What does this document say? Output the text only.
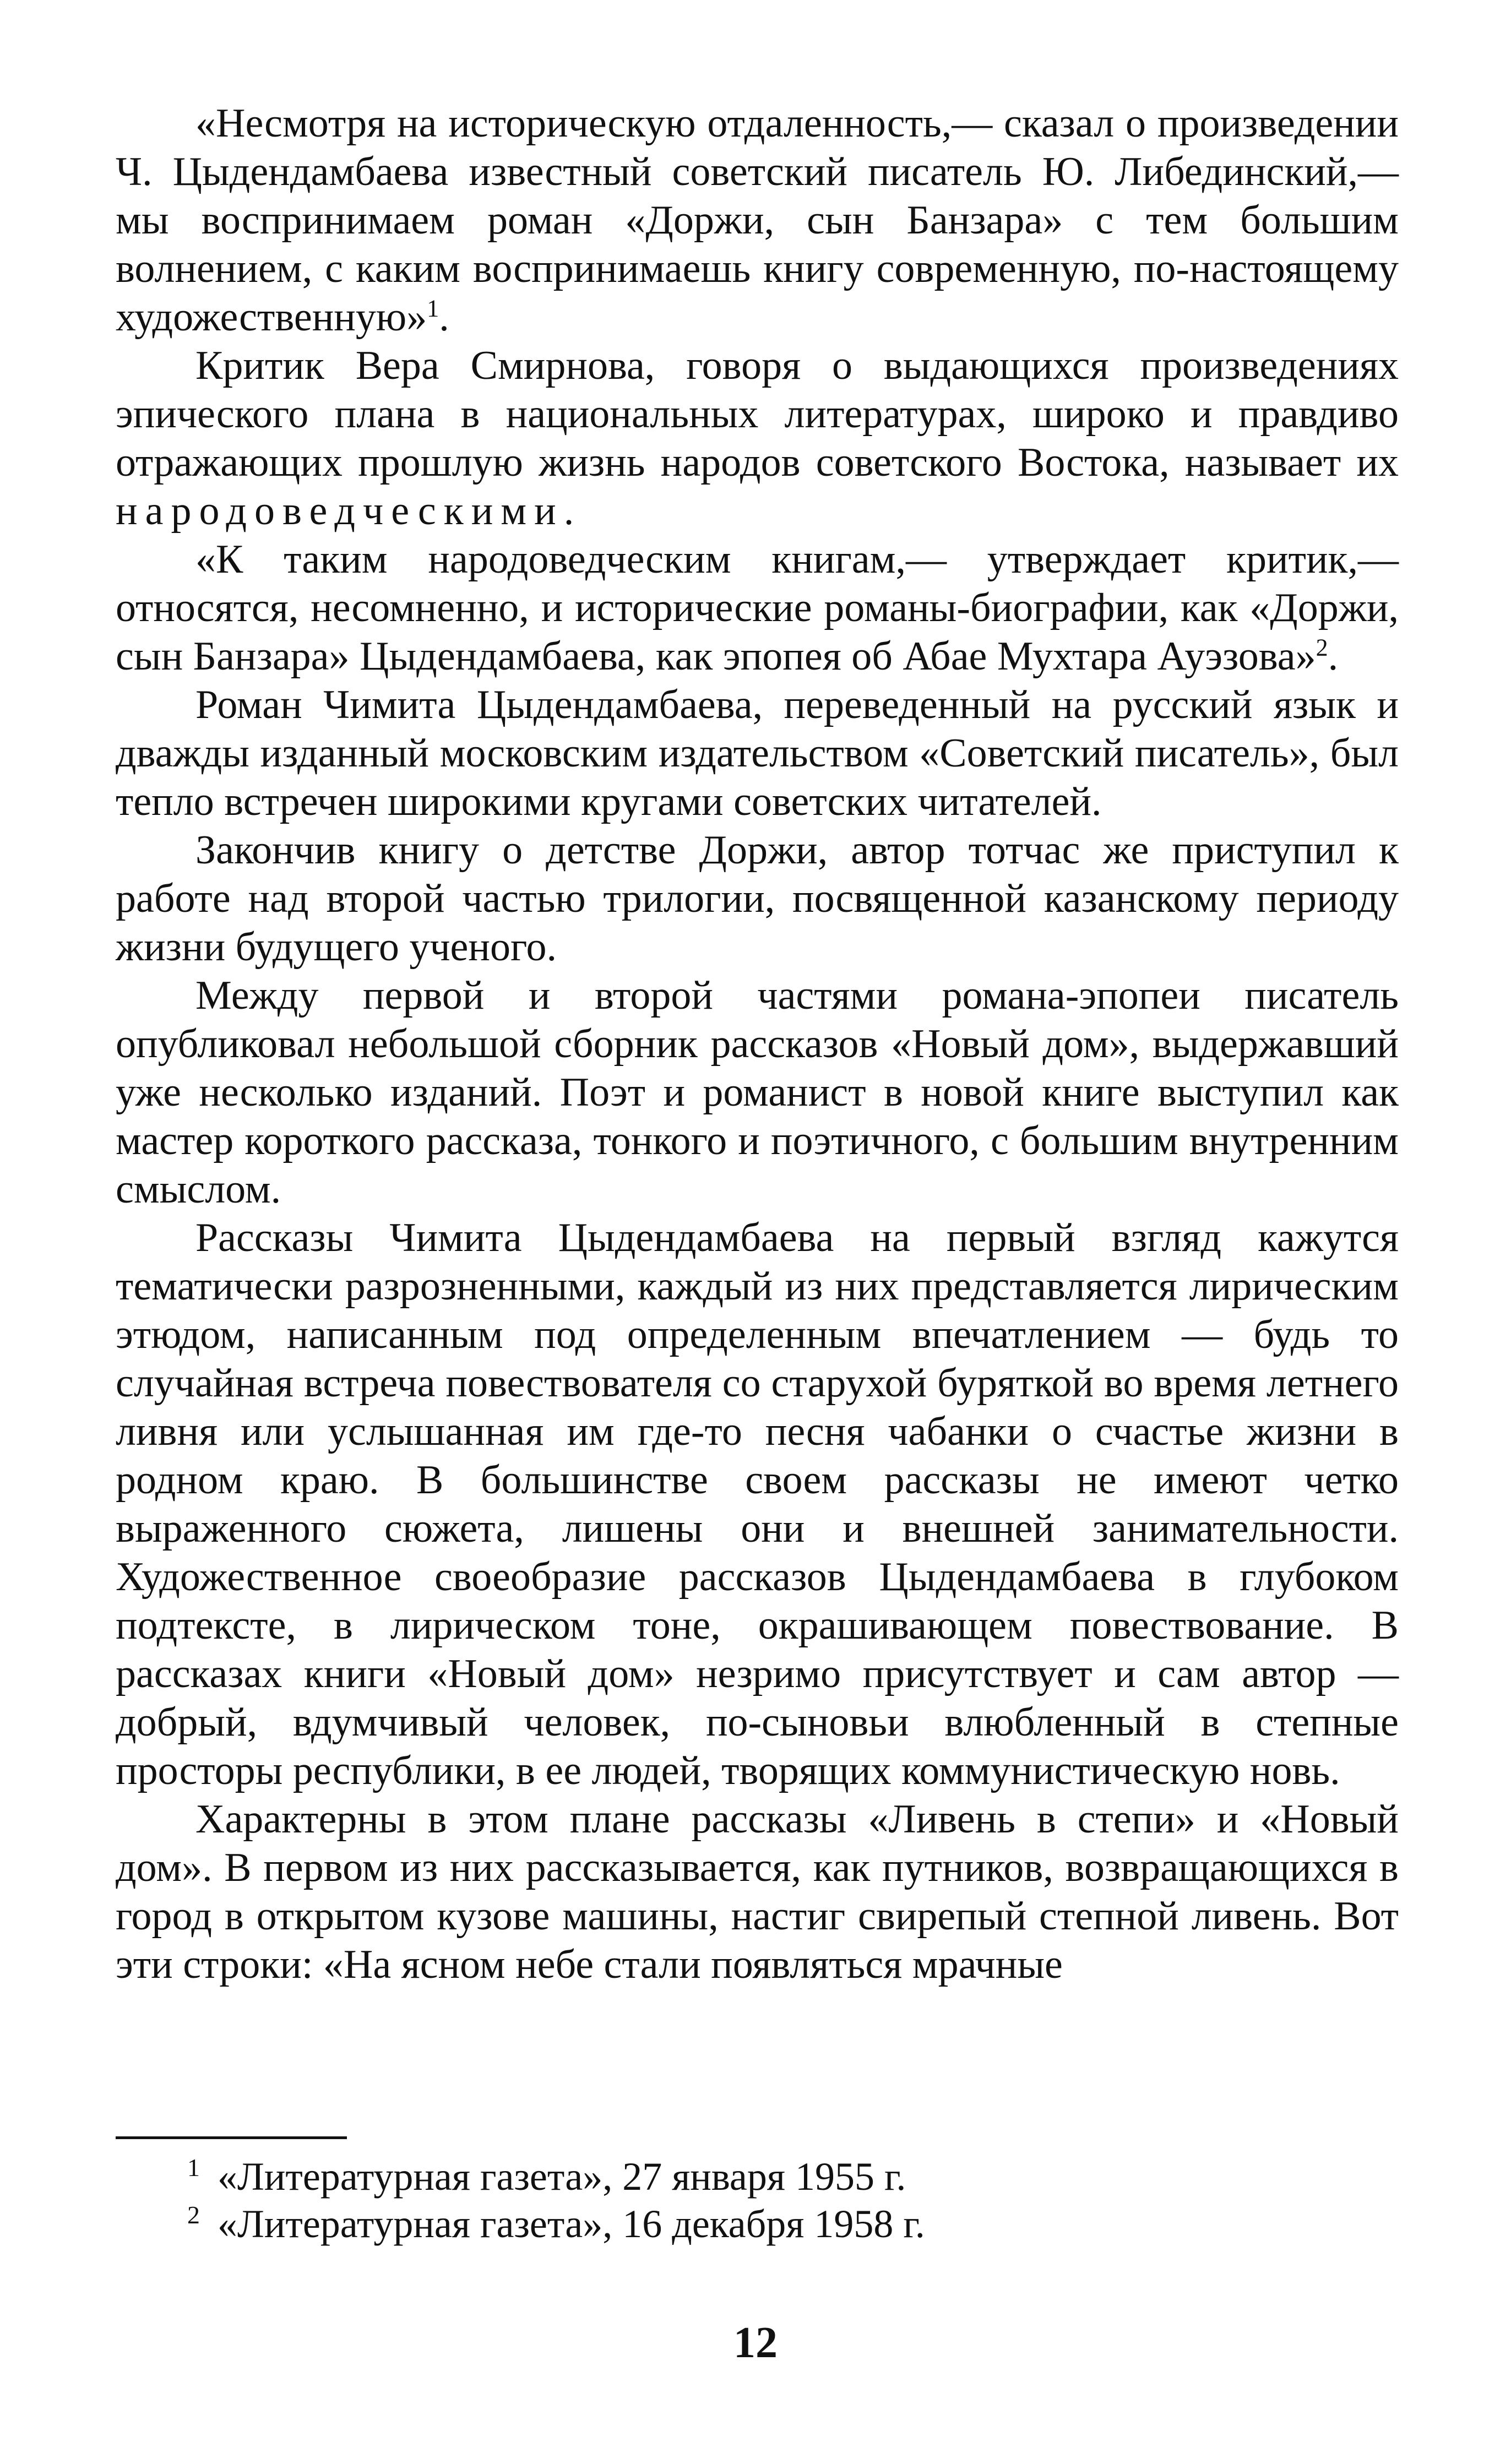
«Несмотря на историческую отдаленность,— сказал о произведении Ч. Цыдендамбаева известный советский писатель Ю. Либединский,— мы воспринимаем роман «Доржи, сын Банзара» с тем большим волнением, с каким воспринимаешь книгу современную, по-настоящему художественную»$^1$.

Критик Вера Смирнова, говоря о выдающихся произведениях эпического плана в национальных литературах, широко и правдиво отражающих прошлую жизнь народов советского Востока, называет их народоведческими.

«К таким народоведческим книгам,— утверждает критик,— относятся, несомненно, и исторические романы-биографии, как «Доржи, сын Банзара» Цыдендамбаева, как эпопея об Абае Мухтара Ауэзова»$^2$.

Роман Чимита Цыдендамбаева, переведенный на русский язык и дважды изданный московским издательством «Советский писатель», был тепло встречен широкими кругами советских читателей.

Закончив книгу о детстве Доржи, автор тотчас же приступил к работе над второй частью трилогии, посвященной казанскому периоду жизни будущего ученого.

Между первой и второй частями романа-эпопеи писатель опубликовал небольшой сборник рассказов «Новый дом», выдержавший уже несколько изданий. Поэт и романист в новой книге выступил как мастер короткого рассказа, тонкого и поэтичного, с большим внутренним смыслом.

Рассказы Чимита Цыдендамбаева на первый взгляд кажутся тематически разрозненными, каждый из них представляется лирическим этюдом, написанным под определенным впечатлением — будь то случайная встреча повествователя со старухой буряткой во время летнего ливня или услышанная им где-то песня чабанки о счастье жизни в родном краю. В большинстве своем рассказы не имеют четко выраженного сюжета, лишены они и внешней занимательности. Художественное своеобразие рассказов Цыдендамбаева в глубоком подтексте, в лирическом тоне, окрашивающем повествование. В рассказах книги «Новый дом» незримо присутствует и сам автор — добрый, вдумчивый человек, по-сыновьи влюбленный в степные просторы республики, в ее людей, творящих коммунистическую новь.

Характерны в этом плане рассказы «Ливень в степи» и «Новый дом». В первом из них рассказывается, как путников, возвращающихся в город в открытом кузове машины, настиг свирепый степной ливень. Вот эти строки: «На ясном небе стали появляться мрачные

1 «Литературная газета», 27 января 1955 г.

2 «Литературная газета», 16 декабря 1958 г.

12
